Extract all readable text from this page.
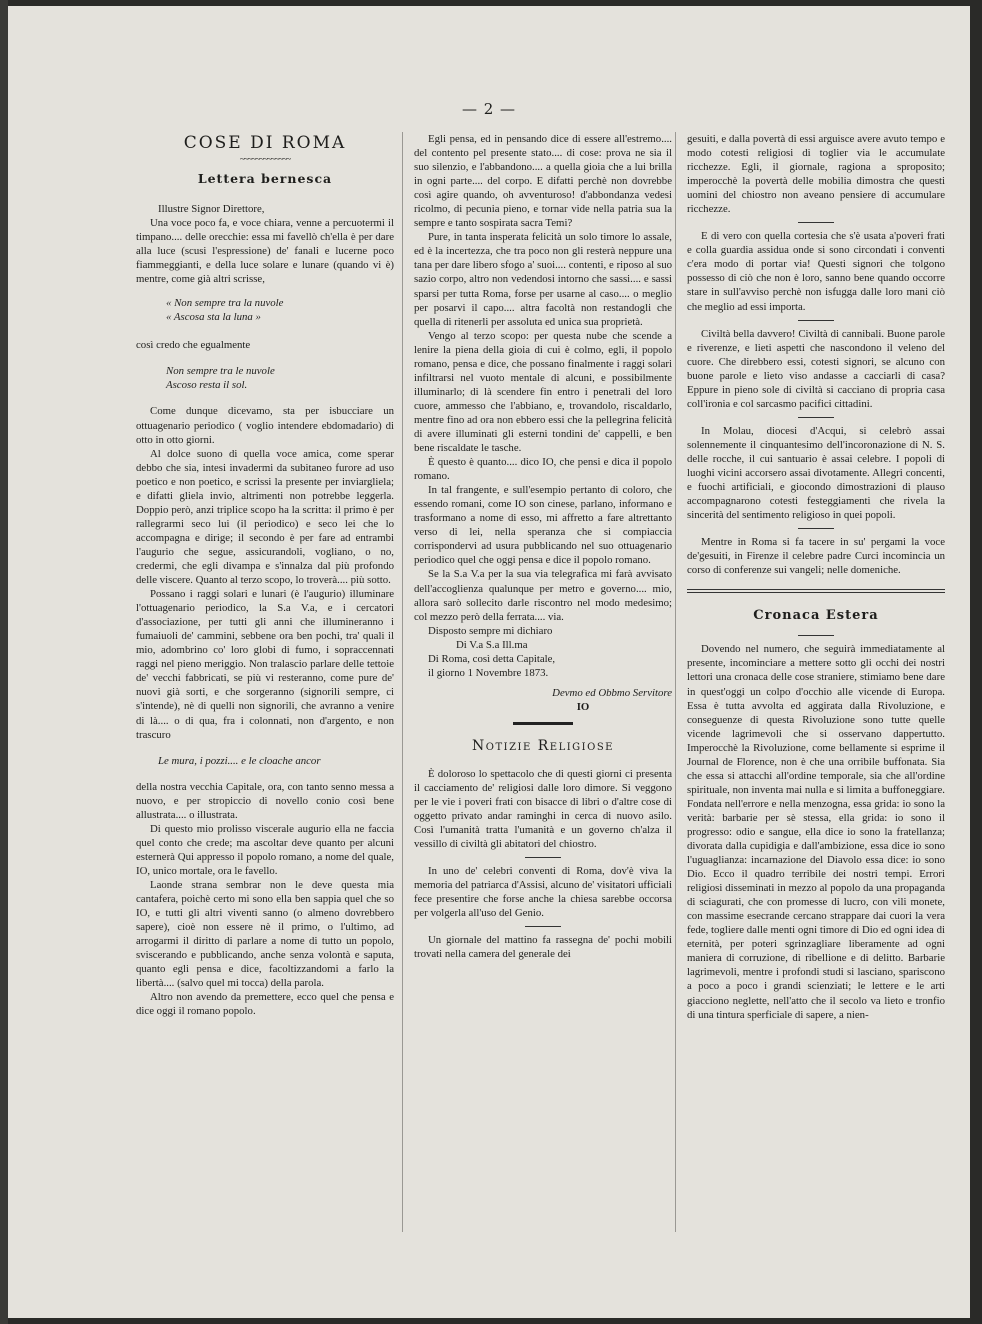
— 2 —
COSE DI ROMA
~~~~~~~~~~~~~
Lettera bernesca

Illustre Signor Direttore,

Una voce poco fa, e voce chiara, venne a percuotermi il timpano.... delle orecchie: essa mi favellò ch'ella è per dare alla luce (scusi l'espressione) de' fanali e lucerne poco fiammeggianti, e della luce solare e lunare (quando vi è) mentre, come già altri scrisse,

« Non sempre tra la nuvole
« Ascosa sta la luna »

così credo che egualmente

Non sempre tra le nuvole
Ascoso resta il sol.

Come dunque dicevamo, sta per isbucciare un ottuagenario periodico ( voglio intendere ebdomadario) di otto in otto giorni.

Al dolce suono di quella voce amica, come sperar debbo che sia, intesi invadermi da subitaneo furore ad uso poetico e non poetico, e scrissi la presente per inviargliela; e difatti gliela invio, altrimenti non potrebbe leggerla. Doppio però, anzi triplice scopo ha la scritta: il primo è per rallegrarmi seco lui (il periodico) e seco lei che lo accompagna e dirige; il secondo è per fare ad entrambi l'augurio che segue, assicurandoli, vogliano, o no, credermi, che egli divampa e s'innalza dal più profondo delle viscere. Quanto al terzo scopo, lo troverà.... più sotto.

Possano i raggi solari e lunari (è l'augurio) illuminare l'ottuagenario periodico, la S.a V.a, e i cercatori d'associazione, per tutti gli anni che illumineranno i fumaiuoli de' cammini, sebbene ora ben pochi, tra' quali il mio, adombrino co' loro globi di fumo, i sopraccennati raggi nel pieno meriggio. Non tralascio parlare delle tettoie de' vecchi fabbricati, se più vi resteranno, come pure de' nuovi già sorti, e che sorgeranno (signorili sempre, ci s'intende), nè di quelli non signorili, che avranno a venire di là.... o di qua, fra i colonnati, non d'argento, e non trascuro

Le mura, i pozzi.... e le cloache ancor

della nostra vecchia Capitale, ora, con tanto senno messa a nuovo, e per stropiccio di novello conio così bene allustrata.... o illustrata.

Di questo mio prolisso viscerale augurio ella ne faccia quel conto che crede; ma ascoltar deve quanto per alcuni esternerà Qui appresso il popolo romano, a nome del quale, IO, unico mortale, ora le favello.

Laonde strana sembrar non le deve questa mia cantafera, poichè certo mi sono ella ben sappia quel che so IO, e tutti gli altri viventi sanno (o almeno dovrebbero sapere), cioè non essere nè il primo, o l'ultimo, ad arrogarmi il diritto di parlare a nome di tutto un popolo, sviscerando e pubblicando, anche senza volontà e saputa, quanto egli pensa e dice, facoltizzandomi a farlo la libertà.... (salvo quel mi tocca) della parola.

Altro non avendo da premettere, ecco quel che pensa e dice oggi il romano popolo.

Egli pensa, ed in pensando dice di essere all'estremo.... del contento pel presente stato.... di cose: prova ne sia il suo silenzio, e l'abbandono.... a quella gioia che a lui brilla in ogni parte.... del corpo. E difatti perchè non dovrebbe così agire quando, oh avventuroso! d'abbondanza vedesi ricolmo, di pecunia pieno, e tornar vide nella patria sua la sempre e tanto sospirata sacra Temi?

Pure, in tanta insperata felicità un solo timore lo assale, ed è la incertezza, che tra poco non gli resterà neppure una tana per dare libero sfogo a' suoi.... contenti, e riposo al suo sazio corpo, altro non vedendosi intorno che sassi.... e sassi sparsi per tutta Roma, forse per usarne al caso.... o meglio per posarvi il capo.... altra facoltà non restandogli che quella di ritenerli per assoluta ed unica sua proprietà.

Vengo al terzo scopo: per questa nube che scende a lenire la piena della gioia di cui è colmo, egli, il popolo romano, pensa e dice, che possano finalmente i raggi solari infiltrarsi nel vuoto mentale di alcuni, e possibilmente illuminarlo; di là scendere fin entro i penetrali del loro cuore, ammesso che l'abbiano, e, trovandolo, riscaldarlo, mentre fino ad ora non ebbero essi che la pellegrina felicità di avere illuminati gli esterni tondini de' cappelli, e ben bene riscaldate le tasche.

È questo è quanto.... dico IO, che pensi e dica il popolo romano.

In tal frangente, e sull'esempio pertanto di coloro, che essendo romani, come IO son cinese, parlano, informano e trasformano a nome di esso, mi affretto a fare altrettanto verso di lei, nella speranza che si compiaccia corrispondervi ad usura pubblicando nel suo ottuagenario periodico quel che oggi pensa e dice il popolo romano.

Se la S.a V.a per la sua via telegrafica mi farà avvisato dell'accoglienza qualunque per metro e governo.... mio, allora sarò sollecito darle riscontro nel modo medesimo; col mezzo però della ferrata.... via.

Disposto sempre mi dichiaro

Di V.a S.a Ill.ma

Di Roma, così detta Capitale,

il giorno 1 Novembre 1873.

Devmo ed Obbmo Servitore
IO
Notizie Religiose

È doloroso lo spettacolo che di questi giorni ci presenta il cacciamento de' religiosi dalle loro dimore. Si veggono per le vie i poveri frati con bisacce di libri o d'altre cose di oggetto privato andar raminghi in cerca di nuovo asilo. Così l'umanità tratta l'umanità e un governo ch'alza il vessillo di civiltà gli abitatori del chiostro.

In uno de' celebri conventi di Roma, dov'è viva la memoria del patriarca d'Assisi, alcuno de' visitatori ufficiali fece presentire che forse anche la chiesa sarebbe occorsa per volgerla all'uso del Genio.

Un giornale del mattino fa rassegna de' pochi mobili trovati nella camera del generale dei

gesuiti, e dalla povertà di essi arguisce avere avuto tempo e modo cotesti religiosi di toglier via le accumulate ricchezze. Egli, il giornale, ragiona a sproposito; imperocchè la povertà delle mobilia dimostra che questi uomini del chiostro non aveano pensiere di accumulare ricchezze.

E di vero con quella cortesia che s'è usata a'poveri frati e colla guardia assidua onde si sono circondati i conventi c'era modo di portar via! Questi signori che tolgono possesso di ciò che non è loro, sanno bene quando occorre stare in sull'avviso perchè non isfugga dalle loro mani ciò che meglio ad essi importa.

Civiltà bella davvero! Civiltà di cannibali. Buone parole e riverenze, e lieti aspetti che nascondono il veleno del cuore. Che direbbero essi, cotesti signori, se alcuno con buone parole e lieto viso andasse a cacciarli di casa? Eppure in pieno sole di civiltà si cacciano di propria casa coll'ironia e col sarcasmo pacifici cittadini.

In Molau, diocesi d'Acqui, si celebrò assai solennemente il cinquantesimo dell'incoronazione di N. S. delle rocche, il cui santuario è assai celebre. I popoli di luoghi vicini accorsero assai divotamente. Allegri concenti, e fuochi artificiali, e giocondo dimostrazioni di plauso accompagnarono cotesti festeggiamenti che rivela la sincerità del sentimento religioso in quei popoli.

Mentre in Roma si fa tacere in su' pergami la voce de'gesuiti, in Firenze il celebre padre Curci incomincia un corso di conferenze sui vangeli; nelle domeniche.

Cronaca Estera

Dovendo nel numero, che seguirà immediatamente al presente, incominciare a mettere sotto gli occhi dei nostri lettori una cronaca delle cose straniere, stimiamo bene dare in quest'oggi un colpo d'occhio alle vicende di Europa. Essa è tutta avvolta ed aggirata dalla Rivoluzione, e conseguenze di questa Rivoluzione sono tutte quelle vicende lagrimevoli che si osservano dappertutto. Imperocchè la Rivoluzione, come bellamente si esprime il Journal de Florence, non è che una orribile buffonata. Sia che essa si attacchi all'ordine temporale, sia che all'ordine spirituale, non inventa mai nulla e si limita a buffoneggiare. Fondata nell'errore e nella menzogna, essa grida: io sono la verità: barbarie per sè stessa, ella grida: io sono il progresso: odio e sangue, ella dice io sono la fratellanza; divorata dalla cupidigia e dall'ambizione, essa dice io sono l'uguaglianza: incarnazione del Diavolo essa dice: io sono Dio. Ecco il quadro terribile dei nostri tempi. Errori religiosi disseminati in mezzo al popolo da una propaganda di sciagurati, che con promesse di lucro, con vili monete, con massime esecrande cercano strappare dai cuori la vera fede, togliere dalle menti ogni timore di Dio ed ogni idea di eternità, per poteri sgrinzagliare liberamente ad ogni maniera di corruzione, di ribellione e di delitto. Barbarie lagrimevoli, mentre i profondi studi si lasciano, spariscono a poco a poco i grandi scienziati; le lettere e le arti giacciono neglette, nell'atto che il secolo va lieto e tronfio di una tintura sperficiale di sapere, a nien-
